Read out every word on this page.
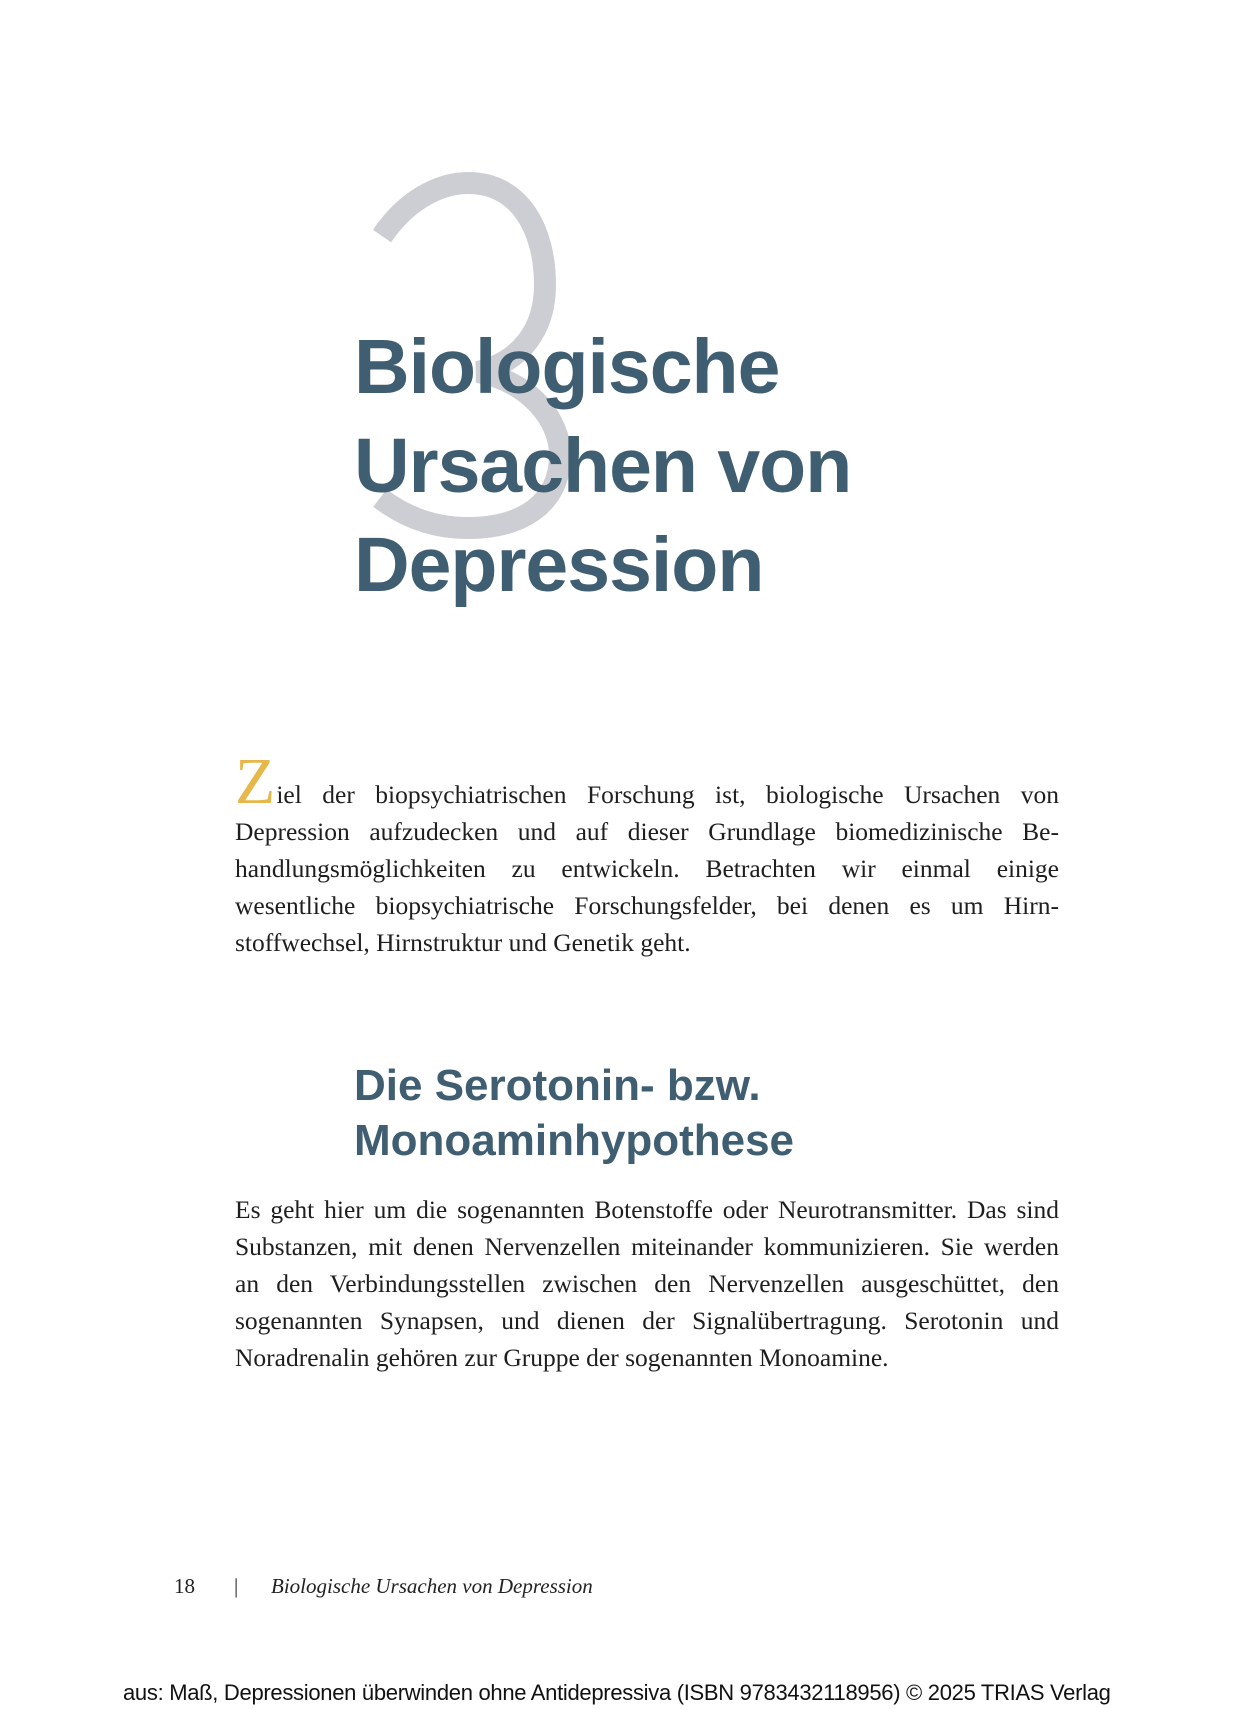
Biologische
Ursachen von
Depression

Ziel der biopsychiatrischen Forschung ist, biologische Ursachen von Depression aufzudecken und auf dieser Grundlage biomedizinische Behandlungsmöglichkeiten zu entwickeln. Betrachten wir einmal einige wesentliche biopsychiatrische Forschungsfelder, bei denen es um Hirnstoffwechsel, Hirnstruktur und Genetik geht.

Die Serotonin- bzw.
Monoaminhypothese

Es geht hier um die sogenannten Botenstoffe oder Neurotransmitter. Das sind Substanzen, mit denen Nervenzellen miteinander kommunizieren. Sie werden an den Verbindungsstellen zwischen den Nervenzellen ausgeschüttet, den sogenannten Synapsen, und dienen der Signalübertragung. Serotonin und Noradrenalin gehören zur Gruppe der sogenannten Monoamine.

18 | Biologische Ursachen von Depression
aus: Maß, Depressionen überwinden ohne Antidepressiva (ISBN 9783432118956) © 2025 TRIAS Verlag
